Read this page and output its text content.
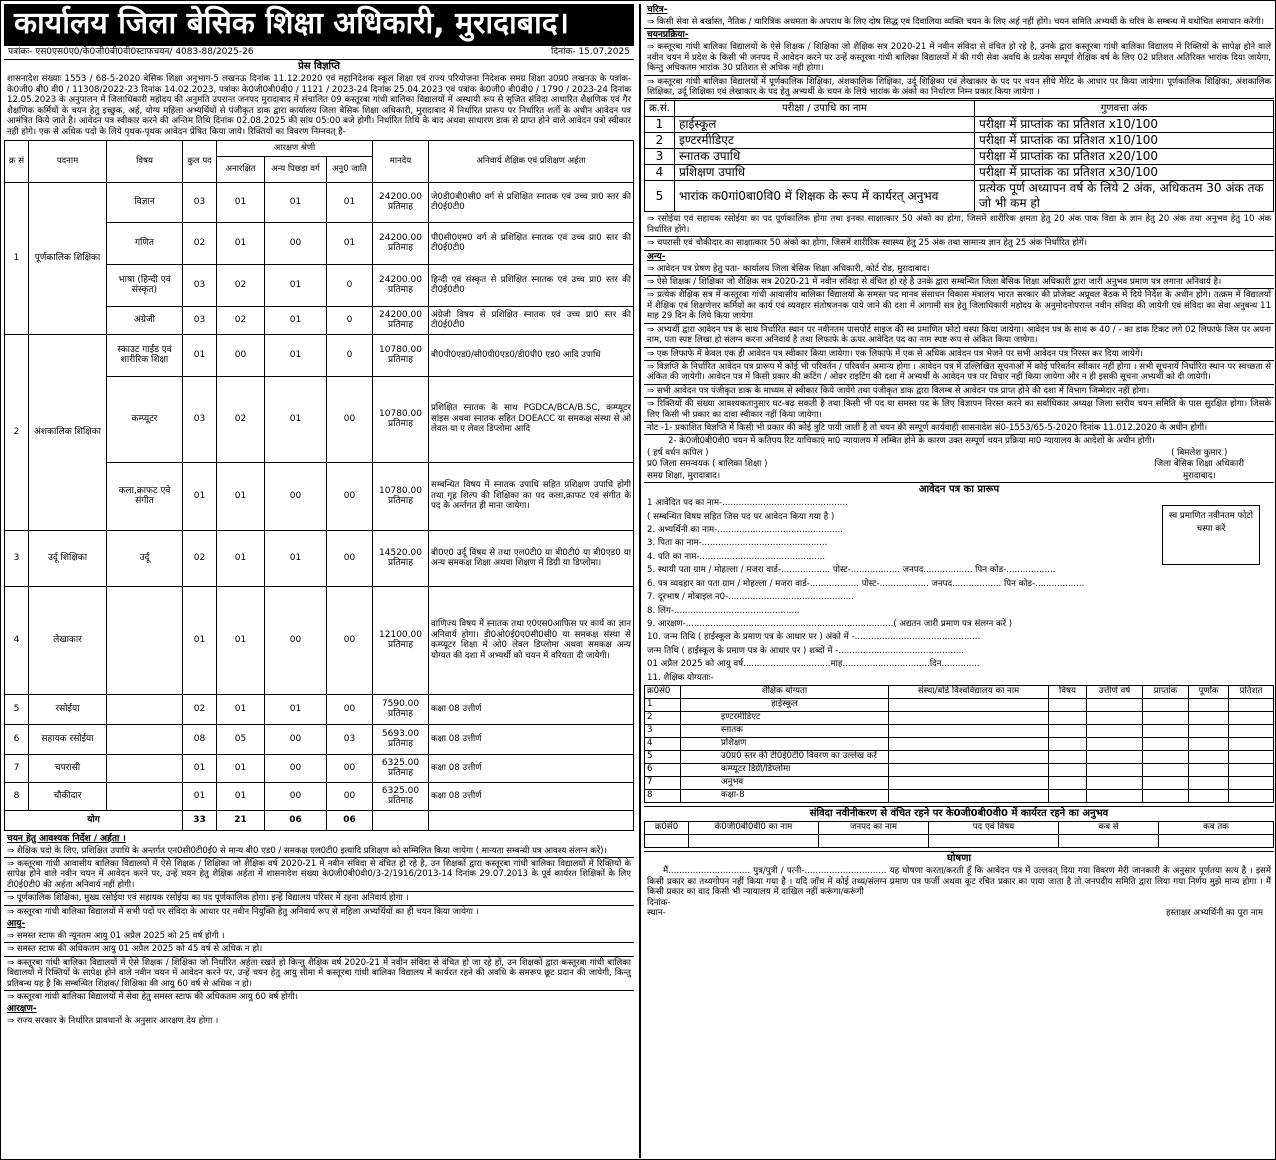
कार्यालय जिला बेसिक शिक्षा अधिकारी, मुरादाबाद।
पत्रांकः- एस0एस0ए0/के0जी0बी0वी0स्टाफचयन/ 4083-88/2025-26	दिनांक- 15.07.2025
प्रेस विज्ञप्ति
शासनादेश संख्याः 1553 / 68-5-2020 बेसिक शिक्षा अनुभाग-5 लखनऊ दिनांक 11.12.2020 एवं महानिदेशक स्कूल शिक्षा एवं राज्य परियोजना निदेशक समग्र शिक्षा उ0प्र0 लखनऊ के पत्रांक- के0जी0 बी0 वी0 / 11308/2022-23 दिनांक 14.02.2023, पत्रांकः के0जी0बी0वी0 / 1121 / 2023-24 दिनांक 25.04.2023 एवं पत्रांक के0जी0 बी0वी0 / 1790 / 2023-24 दिनांक 12.05.2023 के अनुपालन में जिलाधिकारी महोदय की अनुमति उपरान्त जनपद मुरादाबाद में संचालित 09 कस्तूरबा गांधी बालिका विद्यालयों में अस्थायी रूप से सृजित संविदा आधारित शैक्षणिक एवं गैर शैक्षणिक कर्मियों के चयन हेतु इच्छुक, अर्ह, योग्य महिला अभ्यर्थियों से पंजीकृत डाक द्वारा कार्यालय जिला बेसिक शिक्षा अधिकारी, मुरादाबाद में निर्धारित प्रारूप पर निर्धारित शर्तो के अधीन आवेदन पत्र आमंत्रित किये जाते है। आवेदन पत्र स्वीकार करने की अन्तिम तिथि दिनांक 02.08.2025 की सांय 05:00 बजे होगी। निर्धारित तिथि के बाद अथवा साधारण डाक से प्राप्त होने वाले आवेदन पत्रो स्वीकार नही होगे। एक से अधिक पदो के लिये पृथक-पृथक आवेदन प्रेषित किया जाये। रिक्तियों का विवरण निम्नवत् है-
क्र सं	पदनाम	विषय	कुल पद	आरक्षण श्रेणी			मानदेय	अनिवार्य शैक्षिक एवं प्रशिक्षण अर्हता
				अनारक्षित	अन्य पिछड़ा वर्ग	अनु0 जाति		
1	पूर्णकालिक शिक्षिका	विज्ञान	03	01	01	01	24200.00 प्रतिमाह	जे0डी0बी0सी0 वर्ग से प्रशिक्षित स्नातक एवं उच्च प्रा0 स्तर की टी0ई0टी0
		गणित	02	01	00	01	24200.00 प्रतिमाह	पी0सी0एम0 वर्ग से प्रशिक्षित स्नातक एवं उच्च प्रा0 स्तर की टी0ई0टी0
		भाषा (हिन्दी एवं संस्कृत)	03	02	01	0	24200.00 प्रतिमाह	हिन्दी एवं संस्कृत से प्रशिक्षित स्नातक एवं उच्च प्रा0 स्तर की टी0ई0टी0
		अंग्रेजी	03	02	01	0	24200.00 प्रतिमाह	अंग्रेजी विषय से प्रशिक्षित स्नातक एवं उच्च प्रा0 स्तर की टी0ई0टी0
2	अंशकालिक शिक्षिका	स्काउट गाईड एवं शारीरिक शिक्षा	01	00	01	0	10780.00 प्रतिमाह	बी0पी0एड0/सी0पी0एड0/डी0पी0 एड0 आदि उपाधि
		कम्प्यूटर	03	02	01	00	10780.00 प्रतिमाह	प्रशिक्षित स्नातक के साथ PGDCA/BCA/B.SC, कम्प्यूटर सांइस अथवा स्नातक सहित DOEACC या समकक्ष संस्था से ओ लेवल या ए लेवल डिप्लोमा आदि
		कला,क्राफट एवे संगीत	01	01	00	00	10780.00 प्रतिमाह	सम्बन्धित विषय में स्नातक उपाधि सहित प्रशिक्षण उपाधि होगी तथा गृह शिल्प की शिक्षिका का पद कला,क्राफट एवं संगीत के पद के अर्न्तगत ही माना जायेगा।
3	उर्दू शिक्षिका	उर्दू	02	01	01	00	14520.00 प्रतिमाह	बी0ए0 उर्दू विषय से तथा एल0टी0 या बी0टी0 या बी0एड0 या अन्य समकक्ष शिक्षा अथवा शिक्षण में डिग्री या डिप्लोमा।
4	लेखाकार		01	01	00	00	12100.00 प्रतिमाह	वाणिज्य विषय में स्नातक तथा ए0एस0आफिस पर कार्य का ज्ञान अनिवार्य होगा। डी0ओ0ई0ए0सी0सी0 या समकक्ष संस्था से कम्प्यूटर शिक्षा में ओ0 लेवल डिप्लोमा अथवा समकक्ष अन्य योग्यत की दशा में अभ्यर्थी को चयन में वरियता दी जायेगी।
5	रसोईया		02	01	01	00	7590.00 प्रतिमाह	कक्षा 08 उत्तीर्ण
6	सहायक रसोईया		08	05	00	03	5693.00 प्रतिमाह	कक्षा 08 उत्तीर्ण
7	चपरासी		01	01	00	00	6325.00 प्रतिमाह	कक्षा 08 उत्तीर्ण
8	चौकीदार		01	01	00	00	6325.00 प्रतिमाह	कक्षा 08 उत्तीर्ण
योग			33	21	06	06		
चयन हेतु आवश्यक निर्देश / अर्हता ।
⇒ शैक्षिक पदो के लिए, प्रशिक्षित उपाधि के अन्तर्गत एन0सी0टी0ई0 से मान्य बी0 एड0 / समकक्ष एल0टी0 इत्यादि प्रशिक्षण को सम्मिलित किया जायेगा ( मान्यता सम्बन्धी पत्र आवश्य संलग्न करें)।
⇒ कस्तूरबा गांधी आवासीय बालिका विद्यालयों में ऐसे शिक्षक / शिक्षिका जो शैक्षिक वर्ष 2020-21 में नवीन संविदा से वंचित हो रहे है, उन शिक्षकों द्वारा कस्तूरबा गांधी बालिका विद्यालयों में रिक्तियों के सापेक्ष होने वाले नवीन चयन में आवेदन करने पर, उन्हें चयन हेतु शैक्षिक अर्हता में शासनादेश संख्या के0जी0बी0वी0/3-2/1916/2013-14 दिनांक 29.07.2013 के पूर्व कार्यरत शिक्षिकों के लिए टी0ई0टी0 की अर्हता अनिवार्य नहीं होगी।
⇒ पूर्णकालिक शिक्षिका, मुख्य रसोईया एवं सहायक रसोईया का पद पूर्णकालिक होगा। इन्हें विद्यालय परिसर में रहना अनिवार्य होगा ।
⇒ कस्तूरबा गांधी बालिका विद्यालयों में सभी पदों पर संविदा के आधार पर नवीन नियुक्ति हेतु अनिवार्य रूप से महिला अभ्यर्थियों का ही चयन किया जायेगा ।
आयु-
⇒ समस्त स्टाफ की न्यूनतम आयु 01 अप्रैल 2025 को 25 वर्ष होगी ।
⇒ समस्त स्टाफ की अधिकतम आयु 01 अप्रैल 2025 को 45 वर्ष से अधिक न हो।
⇒ कस्तूरबा गांधी बालिका विद्यालयों में ऐसे शिक्षक / शिक्षिका जो निर्धारित अर्हता रखते हो किन्तु शैक्षिक वर्ष 2020-21 में नवीन संविदा से वंचित हो जा रहे हों, उन शिक्षकों द्वारा कस्तूरबा गांधी बालिका विद्यालयों में रिक्तियों के सापेक्ष होने वाले नवीन चयन में आवेदन करने पर, उन्हें चयन हेतु आयु सीमा में कस्तूरबा गांधी बालिका विद्यालय में कार्यरत रहने की अवधि के समरूप छूट प्रदान की जायेगी, किन्तु प्रतिबन्ध यह है कि सम्बन्धित शिक्षक/ शिक्षिका की आयु 60 वर्ष से अधिक न हो।
⇒ कस्तूरबा गांधी बालिका विद्यालयों में सेवा हेतु समस्त स्टाफ की अधिकतम आयु 60 वर्ष होगी।
आरक्षण-
⇒ राज्य सरकार के निर्धारित प्रावधानों के अनुसार आरक्षण देय होगा ।
चरित्र-
⇒ किसी सेवा से बर्खास्त, नैतिक / चारित्रिक अधमता के अपराध के लिए दोष सिद्ध एवं दिवालिया व्यक्ति चयन के लिए अर्ह नहीं होंगे। चयन समिति अभ्यर्थी के चरित्र के सम्बन्ध में यथोचित समाधान करेगी।
चयनप्रक्रिया-
⇒ कस्तूरबा गांधी बालिका विद्यालयों के ऐसे शिक्षक / शिक्षिका जो शैक्षिक सत्र 2020-21 में नवीन संविदा से वंचित हो रहे है, उनके द्वारा कस्तूरबा गांधी बालिका विद्यालय में रिक्तियों के सापेक्ष होने वाले नवीन चयन में प्रदेश के किसी भी जनपद में आवेदन करने पर उन्हें कस्तूरबा गांधी बालिका विद्यालयों में की गयी सेवा अवधि के प्रत्येक सम्पूर्ण शैक्षिक वर्ष के लिए 02 प्रतिशत अतिरिक्त भारांक दिया जायेगा, किन्तु अधिकतम भारांक 30 प्रतिशत से अधिक नही होगा।
⇒ कस्तूरबा गांधी बालिका विद्यालयों में पूर्णकालिक शिक्षिका, अंशकालिक शिक्षिका, उर्दू शिक्षिका एवं लेखाकार के पद पर चयन सीधे मैरिट के आधार पर किया जायेगा। पूर्णकालिक शिक्षिका, अंशकालिक शिक्षिका, उर्दू शिक्षिका एवं लेखाकार के पद हेतु अभ्यर्थी के चयन के लिये भारांक के अंको का निर्धारण निम्न प्रकार किया जायेगा ।
क्र.सं.	परीक्षा / उपाधि का नाम	गुणवत्ता अंक
1	हाईस्कूल	परीक्षा में प्राप्तांक का प्रतिशत x10/100
2	इण्टरमीडिएट	परीक्षा में प्राप्तांक का प्रतिशत x10/100
3	स्नातक उपाधि	परीक्षा में प्राप्तांक का प्रतिशत x20/100
4	प्रशिक्षण उपाधि	परीक्षा में प्राप्तांक का प्रतिशत x30/100
5	भारांक क0गां0बा0वि0 में शिक्षक के रूप में कार्यरत् अनुभव	प्रत्येक पूर्ण अध्यापन वर्ष के लिये 2 अंक, अधिकतम 30 अंक तक जो भी कम हो
⇒ रसोईया एवं सहायक रसोईया का पद पूर्णकालिक होगा तथा इनका साक्षात्कार 50 अंको का होगा, जिसमें शारीरिक क्षमता हेतु 20 अंक पाक विद्या के ज्ञान हेतु 20 अंक तथा अनुभव हेतु 10 अंक निर्धारित होंगे।
⇒ चपरासी एवं चौकीदार का साक्षात्कार 50 अंको का होगा, जिसमें शारीरिक स्वास्थ्य हेतु 25 अंक तथा सामान्य ज्ञान हेतु 25 अंक निर्धारित होगें।
अन्य-
⇒ आवेदन पत्र प्रेषण हेतु पता- कार्यालय जिला बेसिक शिक्षा अधिकारी, कोर्ट रोड, मुरादाबाद।
⇒ ऐसे शिक्षक / शिक्षिका जो शैक्षिक सत्र 2020-21 में नवीन संविदा से वंचित हो रहे है उनके द्वारा सम्बन्धित जिला बेसिक शिक्षा अधिकारी द्वारा जारी अनुभव प्रमाण पत्र लगाना अनिवार्य है।
⇒ प्रत्येक शैक्षिक सत्र में कस्तूरबा गांधी आवासीय बालिका विद्यालयों के समस्त पद मानव संसाधन विकास मंत्रालय भारत सरकार की प्रोजेक्ट अप्रूवल बैठक में दिये निर्देश के अधीन होंगे। तत्क्रम में विद्यालयों में शैक्षिक एवं शिक्षणेत्तर कर्मियों का कार्य एवं व्यवहार संतोषजनक पाये जाने की दशा में आगामी सत्र हेतु जिलाधिकारी महोदय के अनुमोदनोपरान्त नवीन संविदा की जायेगी एवं संविदा का सेवा अनुबन्ध 11 माह 29 दिन के लिये किया जायेगा
⇒ अभ्यर्थी द्वारा आवेदन पत्र के साथ निर्धारित स्थान पर नवीनतम पासपोर्ट साइज की स्व प्रमाणित फोटो चस्पा किया जायेगा। आवेदन पत्र के साथ रू 40 / - का डाक टिकट लगे 02 लिफाफे जिस पर अपना नाम, पता स्पष्ट लिखा हो संलग्न करना अनिवार्य है तथा लिफाफे के ऊपर आवेदित पद का नाम स्पष्ट रूप से अंकित किया जायेगा।
⇒ एक लिफाफे में केवल एक ही आवेदन पत्र स्वीकार किया जायेगा। एक लिफाफे में एक से अधिक आवेदन पत्र भेजने पर सभी आवेदन पत्र निरस्त कर दिया जायेगें।
⇒ विज्ञप्ति के निर्धारित आवेदन पत्र प्रारूप में कोई भी परिवर्तन / परिवर्धन अमान्य होगा । आवेदन पत्र में उल्लिखित सूचनाओं में कोई परिवर्तन स्वीकार नहीं होगा । सभी सूचनायें निर्धारित स्थान पर स्वच्छता से अंकित की जायेगी। आवेदन पत्र में किसी प्रकार की कटिंग / ओवर राइटिंग की दशा में अभ्यर्थी के आवेदन पत्र पर विचार नहीं किया जायेगा और न ही इसकी सूचना अभ्यर्थी को दी जायेगी।
⇒ सभी आवेदन पत्र पंजीकृत डाक के माध्यम से स्वीकार किये जायेंगे तथा पंजीकृत डाक द्वारा विलम्ब से आवेदन पत्र प्राप्त होने की दशा में विभाग जिम्मेदार नहीं होगा।
⇒ रिक्तियों की संख्या आवश्यकतानुसार घट-बढ़ सकती है तथा किसी भी पद या समस्त पद के लिए विज्ञापन निरस्त करने का सर्वाधिकार अध्यक्ष जिला स्तरीय चयन समिति के पास सुरक्षित होगा। जिसके लिए किसी भी प्रकार का दावा स्वीकार नहीं किया जायेगा।
नोट -1- प्रकाशित विज्ञप्ति में किसी भी प्रकार की कोई त्रुटि पायी जाती है तो चयन की सम्पूर्ण कार्यवाही शासनादेश सं0-1553/65-5-2020 दिनांक 11.012.2020 के अधीन होगी।
2- के0जी0बी0वी0 चयन में कतिपय रिट याचिकाएं मा0 न्यायालय में लम्बित होने के कारण उक्त सम्पूर्ण चयन प्रक्रिया मा0 न्यायालय के आदेशों के अधीन होगी।
( हर्ष वर्धन कपिल )
प्र0 जिला समन्वयक ( बालिका शिक्षा )
समग्र शिक्षा, मुरादाबाद।
( बिमलेश कुमार )
जिला बेसिक शिक्षा अधिकारी
मुरादाबाद।
आवेदन पत्र का प्रारूप
स्व प्रमाणित नवीनतम फोटो चस्पा करें
1 आवेदित पद का नाम-..............................................
( सम्बन्धित विषय सहित जिस पद पर आवेदन किया गया है )
2. अभ्यर्थिनी का नाम-..............................................
3. पिता का नाम-..............................................
4. पति का नाम-..............................................
5. स्थायी पता ग्राम / मोहल्ला / मजरा वार्ड-.................. पोस्ट-.................. जनपद.................. पिन कोड-..................
6. पत्र व्यवहार का पता ग्राम / मोहल्ला / मजरा वार्ड-.................. पोस्ट-.................. जनपद.................. पिन कोड-..................
7. दूरभाष / मोबाइल न0-..............................................
8. लिंग-..............................................
9. आरक्षण-............................................................................( अद्यतन जारी प्रमाण पत्र संलग्न करें )
10. जन्म तिथि ( हाईस्कूल के प्रमाण पत्र के आधार पर ) अंको में -..............................................
जन्म तिथि ( हाईस्कूल के प्रमाण पत्र के आधार पर ) शब्दों में -..............................................
01 अप्रैल 2025 को आयु वर्ष................................माह................................दिन..............
11. शैक्षिक योग्यताः-
क्र0सं0	शैक्षिक योग्यता	संस्था/बोर्ड विश्वविद्यालय का नाम	विषय	उत्तीर्ण वर्ष	प्राप्तांक	पूर्णांक	प्रतिशत
1	हाईस्कूल						
2	इण्टरमीडिएट						
3	स्नातक						
4	प्रशिक्षण						
5	उ0प्र0 स्तर की टी0ई0टी0 विवरण का उल्लेख करें						
6	कम्प्यूटर डिग्री/डिप्लोमा						
7	अनुभव						
8	कक्षा-8						
संविदा नवीनीकरण से वंचित रहने पर के0जी0बी0वी0 में कार्यरत रहने का अनुभव
क्र0सं0	के0जी0बी0वी0 का नाम	जनपद का नाम	पद एवं विषय	कब से	कब तक

घोषणा
मैं.............................. पुत्र/पुत्री / पत्नी-.............................. यह घोषणा करता/करती हूँ कि आवेदन पत्र में उल्लवत् दिया गया विवरण मेरी जानकारी के अनुसार पूर्णतया सत्य है । इसमें किसी प्रकार का तथ्यगोपन नहीं किया गया है । यदि जॉच में कोई तथ्य/संलग्न प्रमाण पत्र फर्जी अथवा कूट रचित प्रकार का पाया जाता है तो जनपदीय समिति द्वारा लिया गया निर्णय मुझे मान्य होगा । मैं किसी प्रकार का वाद किसी भी न्यायालय में दाखिल नहीं करूंगा/करूंगी
दिनांक-
स्थान-	हस्ताक्षर अभ्यर्थिनी का पूरा नाम
